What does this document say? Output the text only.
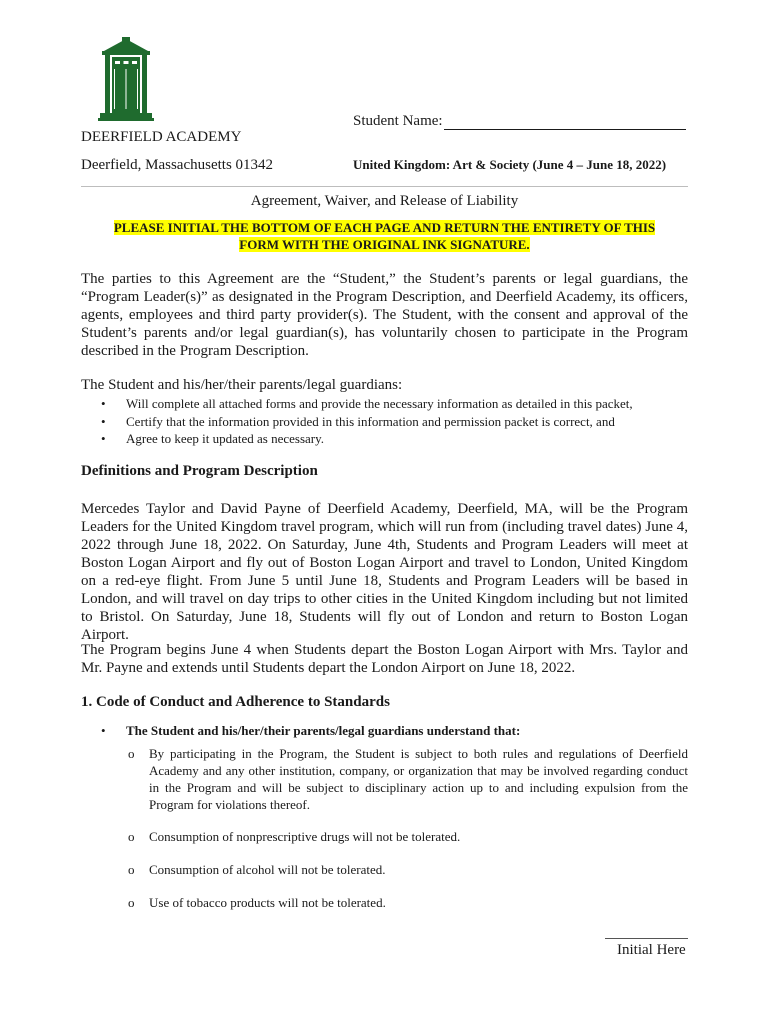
DEERFIELD ACADEMY
Deerfield, Massachusetts 01342
Student Name:
United Kingdom: Art & Society (June 4 – June 18, 2022)
Agreement, Waiver, and Release of Liability
PLEASE INITIAL THE BOTTOM OF EACH PAGE AND RETURN THE ENTIRETY OF THIS
FORM WITH THE ORIGINAL INK SIGNATURE.

The parties to this Agreement are the “Student,” the Student’s parents or legal guardians, the “Program Leader(s)” as designated in the Program Description, and Deerfield Academy, its officers, agents, employees and third party provider(s). The Student, with the consent and approval of the Student’s parents and/or legal guardian(s), has voluntarily chosen to participate in the Program described in the Program Description.

The Student and his/her/their parents/legal guardians:
• Will complete all attached forms and provide the necessary information as detailed in this packet,
• Certify that the information provided in this information and permission packet is correct, and
• Agree to keep it updated as necessary.
Definitions and Program Description

Mercedes Taylor and David Payne of Deerfield Academy, Deerfield, MA, will be the Program Leaders for the United Kingdom travel program, which will run from (including travel dates) June 4, 2022 through June 18, 2022. On Saturday, June 4th, Students and Program Leaders will meet at Boston Logan Airport and fly out of Boston Logan Airport and travel to London, United Kingdom on a red-eye flight. From June 5 until June 18, Students and Program Leaders will be based in London, and will travel on day trips to other cities in the United Kingdom including but not limited to Bristol. On Saturday, June 18, Students will fly out of London and return to Boston Logan Airport.

The Program begins June 4 when Students depart the Boston Logan Airport with Mrs. Taylor and Mr. Payne and extends until Students depart the London Airport on June 18, 2022.

1. Code of Conduct and Adherence to Standards
• The Student and his/her/their parents/legal guardians understand that:
o By participating in the Program, the Student is subject to both rules and regulations of Deerfield Academy and any other institution, company, or organization that may be involved regarding conduct in the Program and will be subject to disciplinary action up to and including expulsion from the Program for violations thereof.
o Consumption of nonprescriptive drugs will not be tolerated.
o Consumption of alcohol will not be tolerated.
o Use of tobacco products will not be tolerated.
Initial Here
